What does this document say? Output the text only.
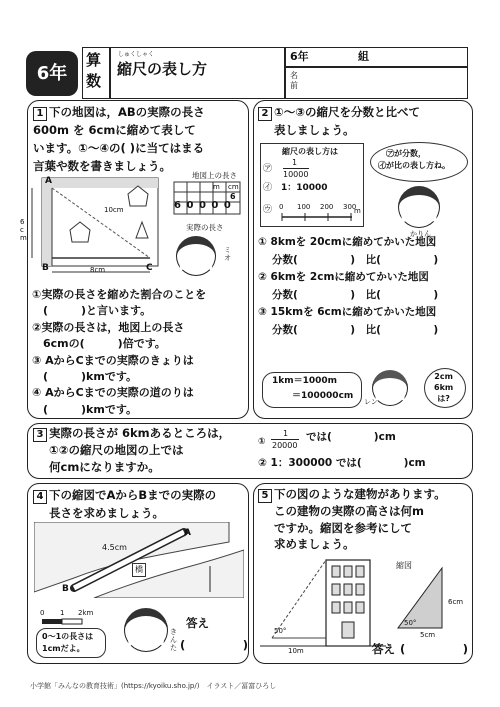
6年
算数
しゅくしゃく
縮尺の表し方
6年	組
名
前
1 下の地図は，ABの実際の長さ
600m を 6cmに縮めて表して
います。①～④の( )に当てはまる
言葉や数を書きましょう。
A
B	C
10cm
6cm
8cm
地図上の長さ
m cm
6
60000
実際の長さ
ミオ
①実際の長さを縮めた割合のことを
　(　　　)と言います。
②実際の長さは，地図上の長さ
　6cmの(　　　)倍です。
③ AからCまでの実際のきょりは
　(　　　)kmです。
④ AからCまでの実際の道のりは
　(　　　)kmです。
2 ①～③の縮尺を分数と比べて
表しましょう。
縮尺の表し方は
㋐
1
10000
㋑ 1：10000
㋒ 0 100 200 300
m
㋐が分数，
㋑が比の表し方ね。
かりん
① 8kmを 20cmに縮めてかいた地図
分数(　　　　　)　比(　　　　　)
② 6kmを 2cmに縮めてかいた地図
分数(　　　　　)　比(　　　　　)
③ 15kmを 6cmに縮めてかいた地図
分数(　　　　　)　比(　　　　　)
1km＝1000m
＝100000cm
レン
2cm
6km
は?
3 実際の長さが 6kmあるところは，
①②の縮尺の地図の上では
何cmになりますか。
①
1
20000
では(　　　　)cm
② 1：300000 では(　　　　)cm
4 下の縮図でAからBまでの実際の
長さを求めましょう。
4.5cm
A
B
橋
0 1 2km
0～1の長さは
1cmだよ。
きんた
答え
(　　　　　)
5 下の図のような建物があります。
この建物の実際の高さは何m
ですか。縮図を参考にして
求めましょう。
50°
10m
縮図
6cm
5cm
50°
答え (　　　　　)
小学館「みんなの教育技術」(https://kyoiku.sho.jp/)　イラスト／冨富ひろし
